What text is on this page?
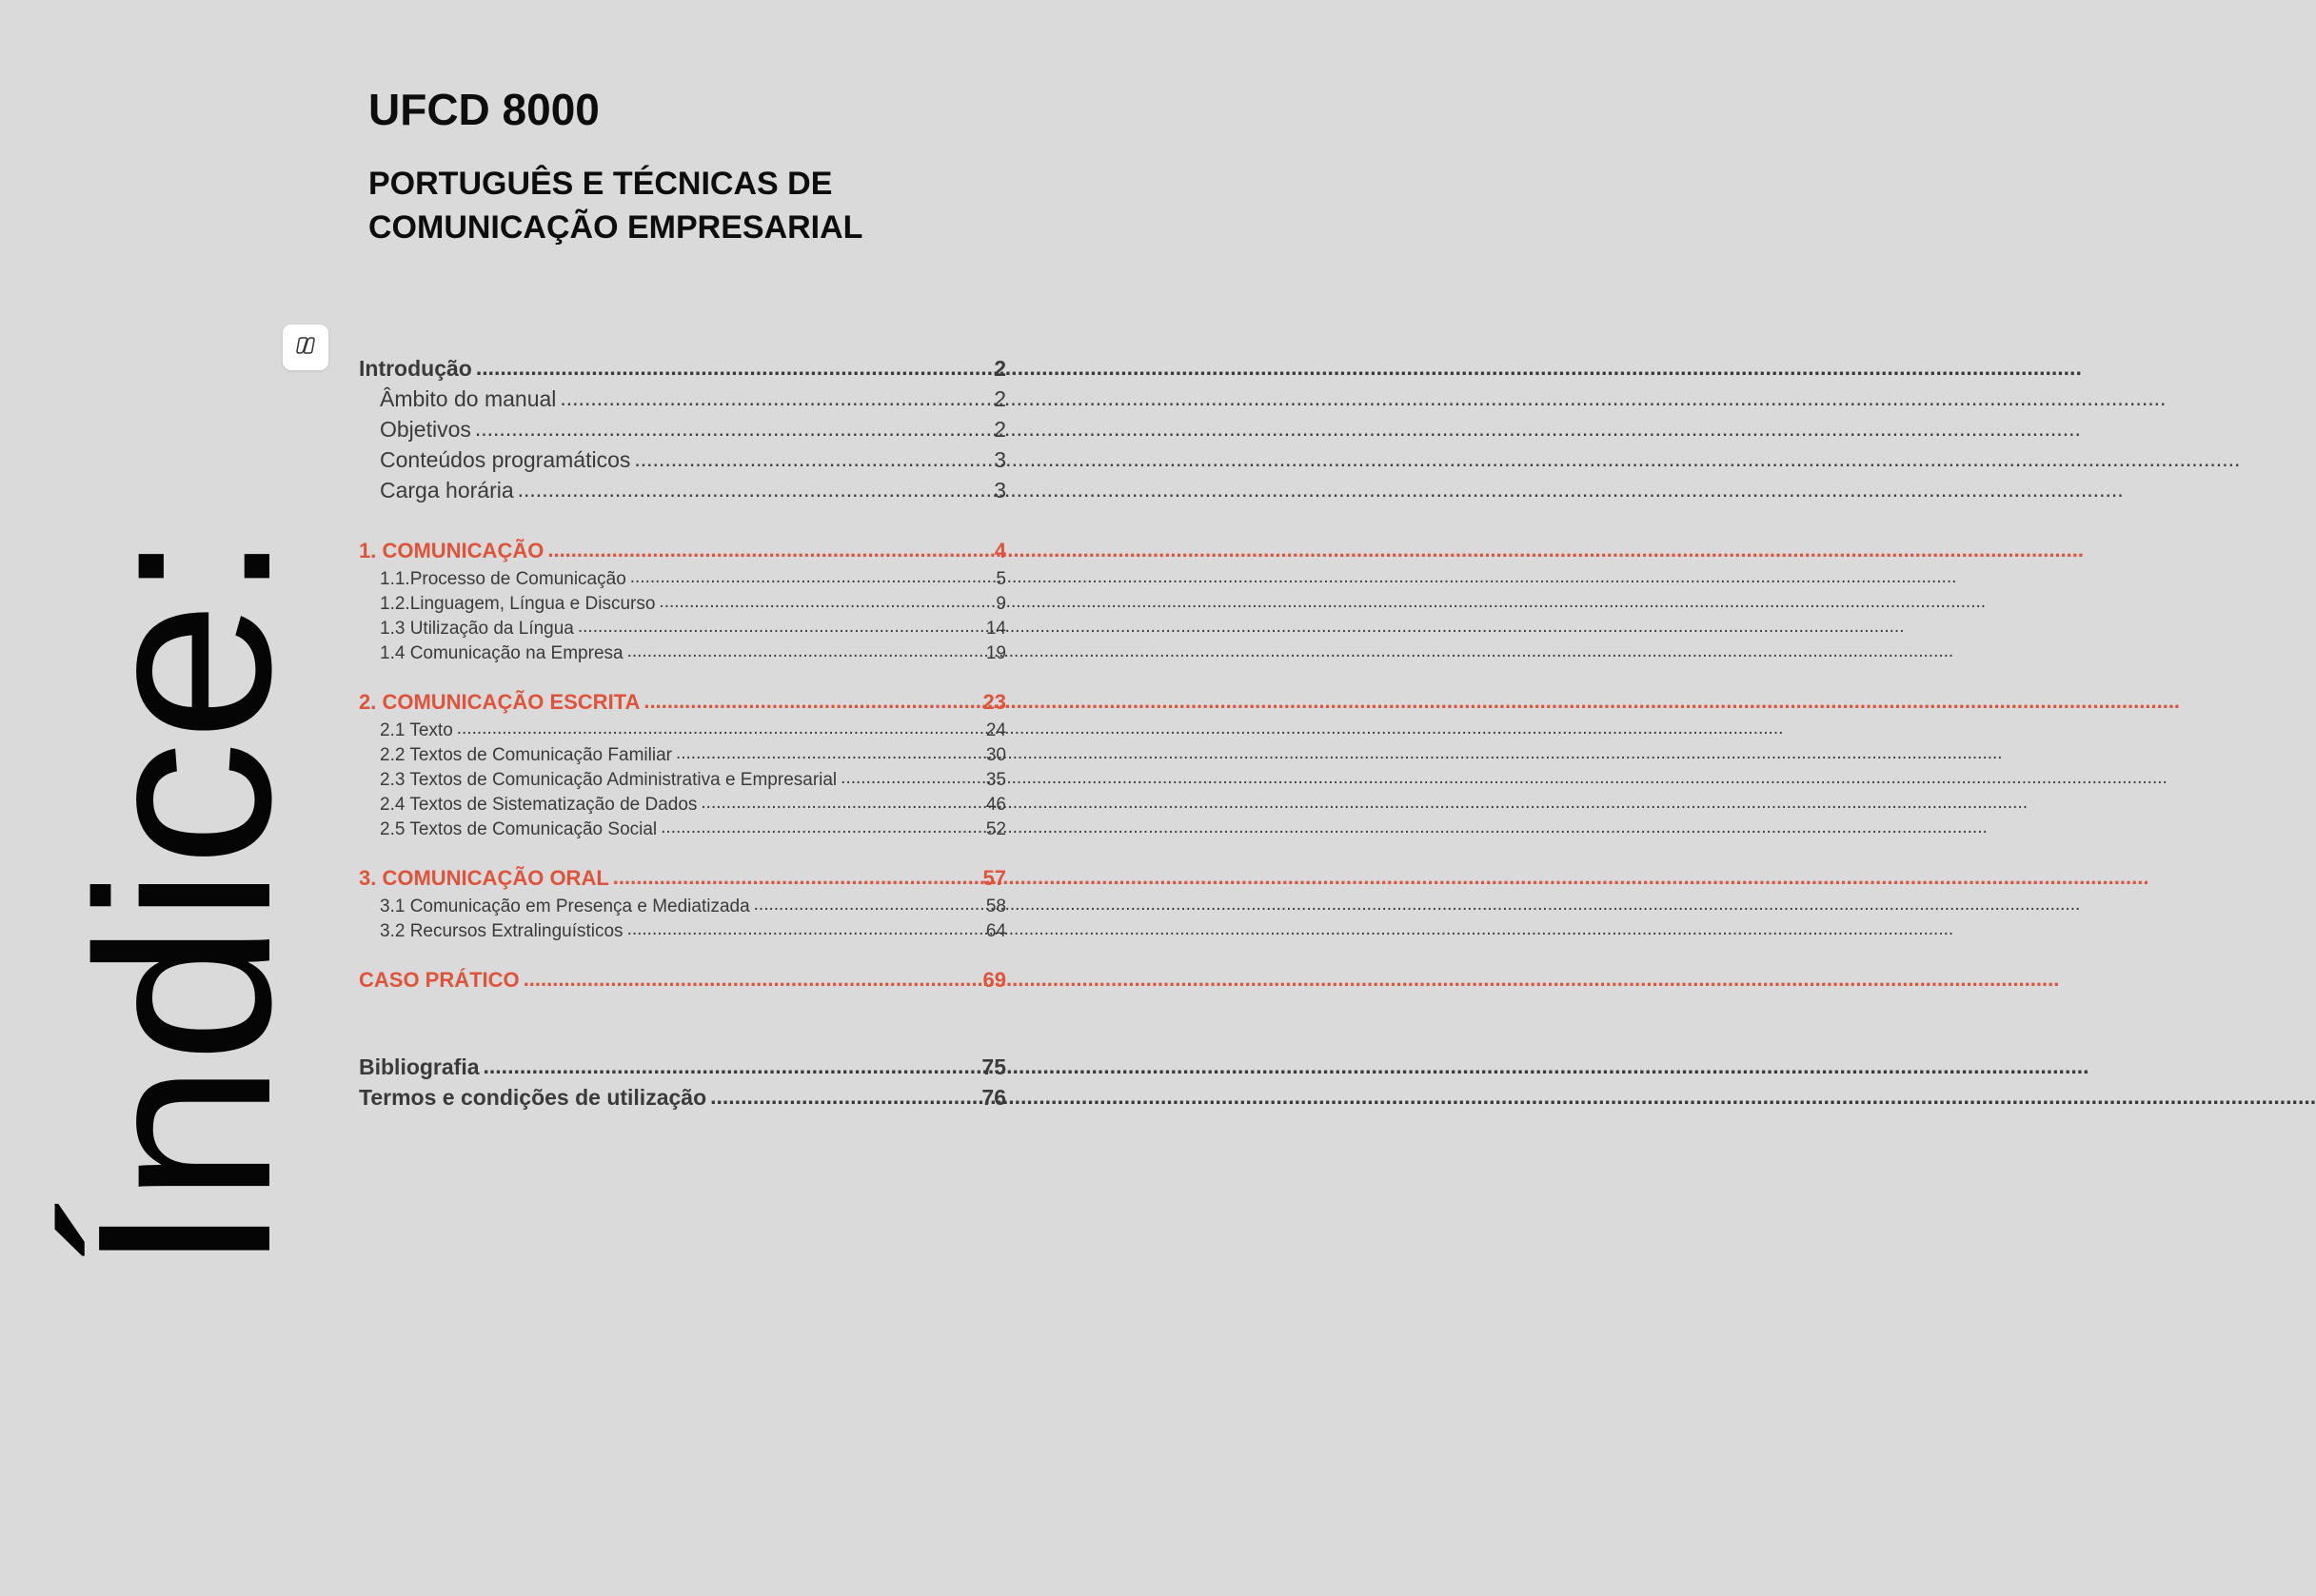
UFCD 8000
PORTUGUÊS E TÉCNICAS DE
COMUNICAÇÃO EMPRESARIAL
Índice:
Introdução .....	2
Âmbito do manual .....	2
Objetivos .....	2
Conteúdos programáticos .....	3
Carga horária .....	3
1. COMUNICAÇÃO .....	4
1.1.Processo de Comunicação .....	5
1.2.Linguagem, Língua e Discurso .....	9
1.3 Utilização da Língua .....	14
1.4 Comunicação na Empresa .....	19
2. COMUNICAÇÃO ESCRITA .....	23
2.1 Texto .....	24
2.2 Textos de Comunicação Familiar .....	30
2.3 Textos de Comunicação Administrativa e Empresarial .....	35
2.4 Textos de Sistematização de Dados .....	46
2.5 Textos de Comunicação Social .....	52
3. COMUNICAÇÃO ORAL .....	57
3.1 Comunicação em Presença e Mediatizada .....	58
3.2 Recursos Extralinguísticos .....	64
CASO PRÁTICO .....	69
Bibliografia .....	75
Termos e condições de utilização .....	76
